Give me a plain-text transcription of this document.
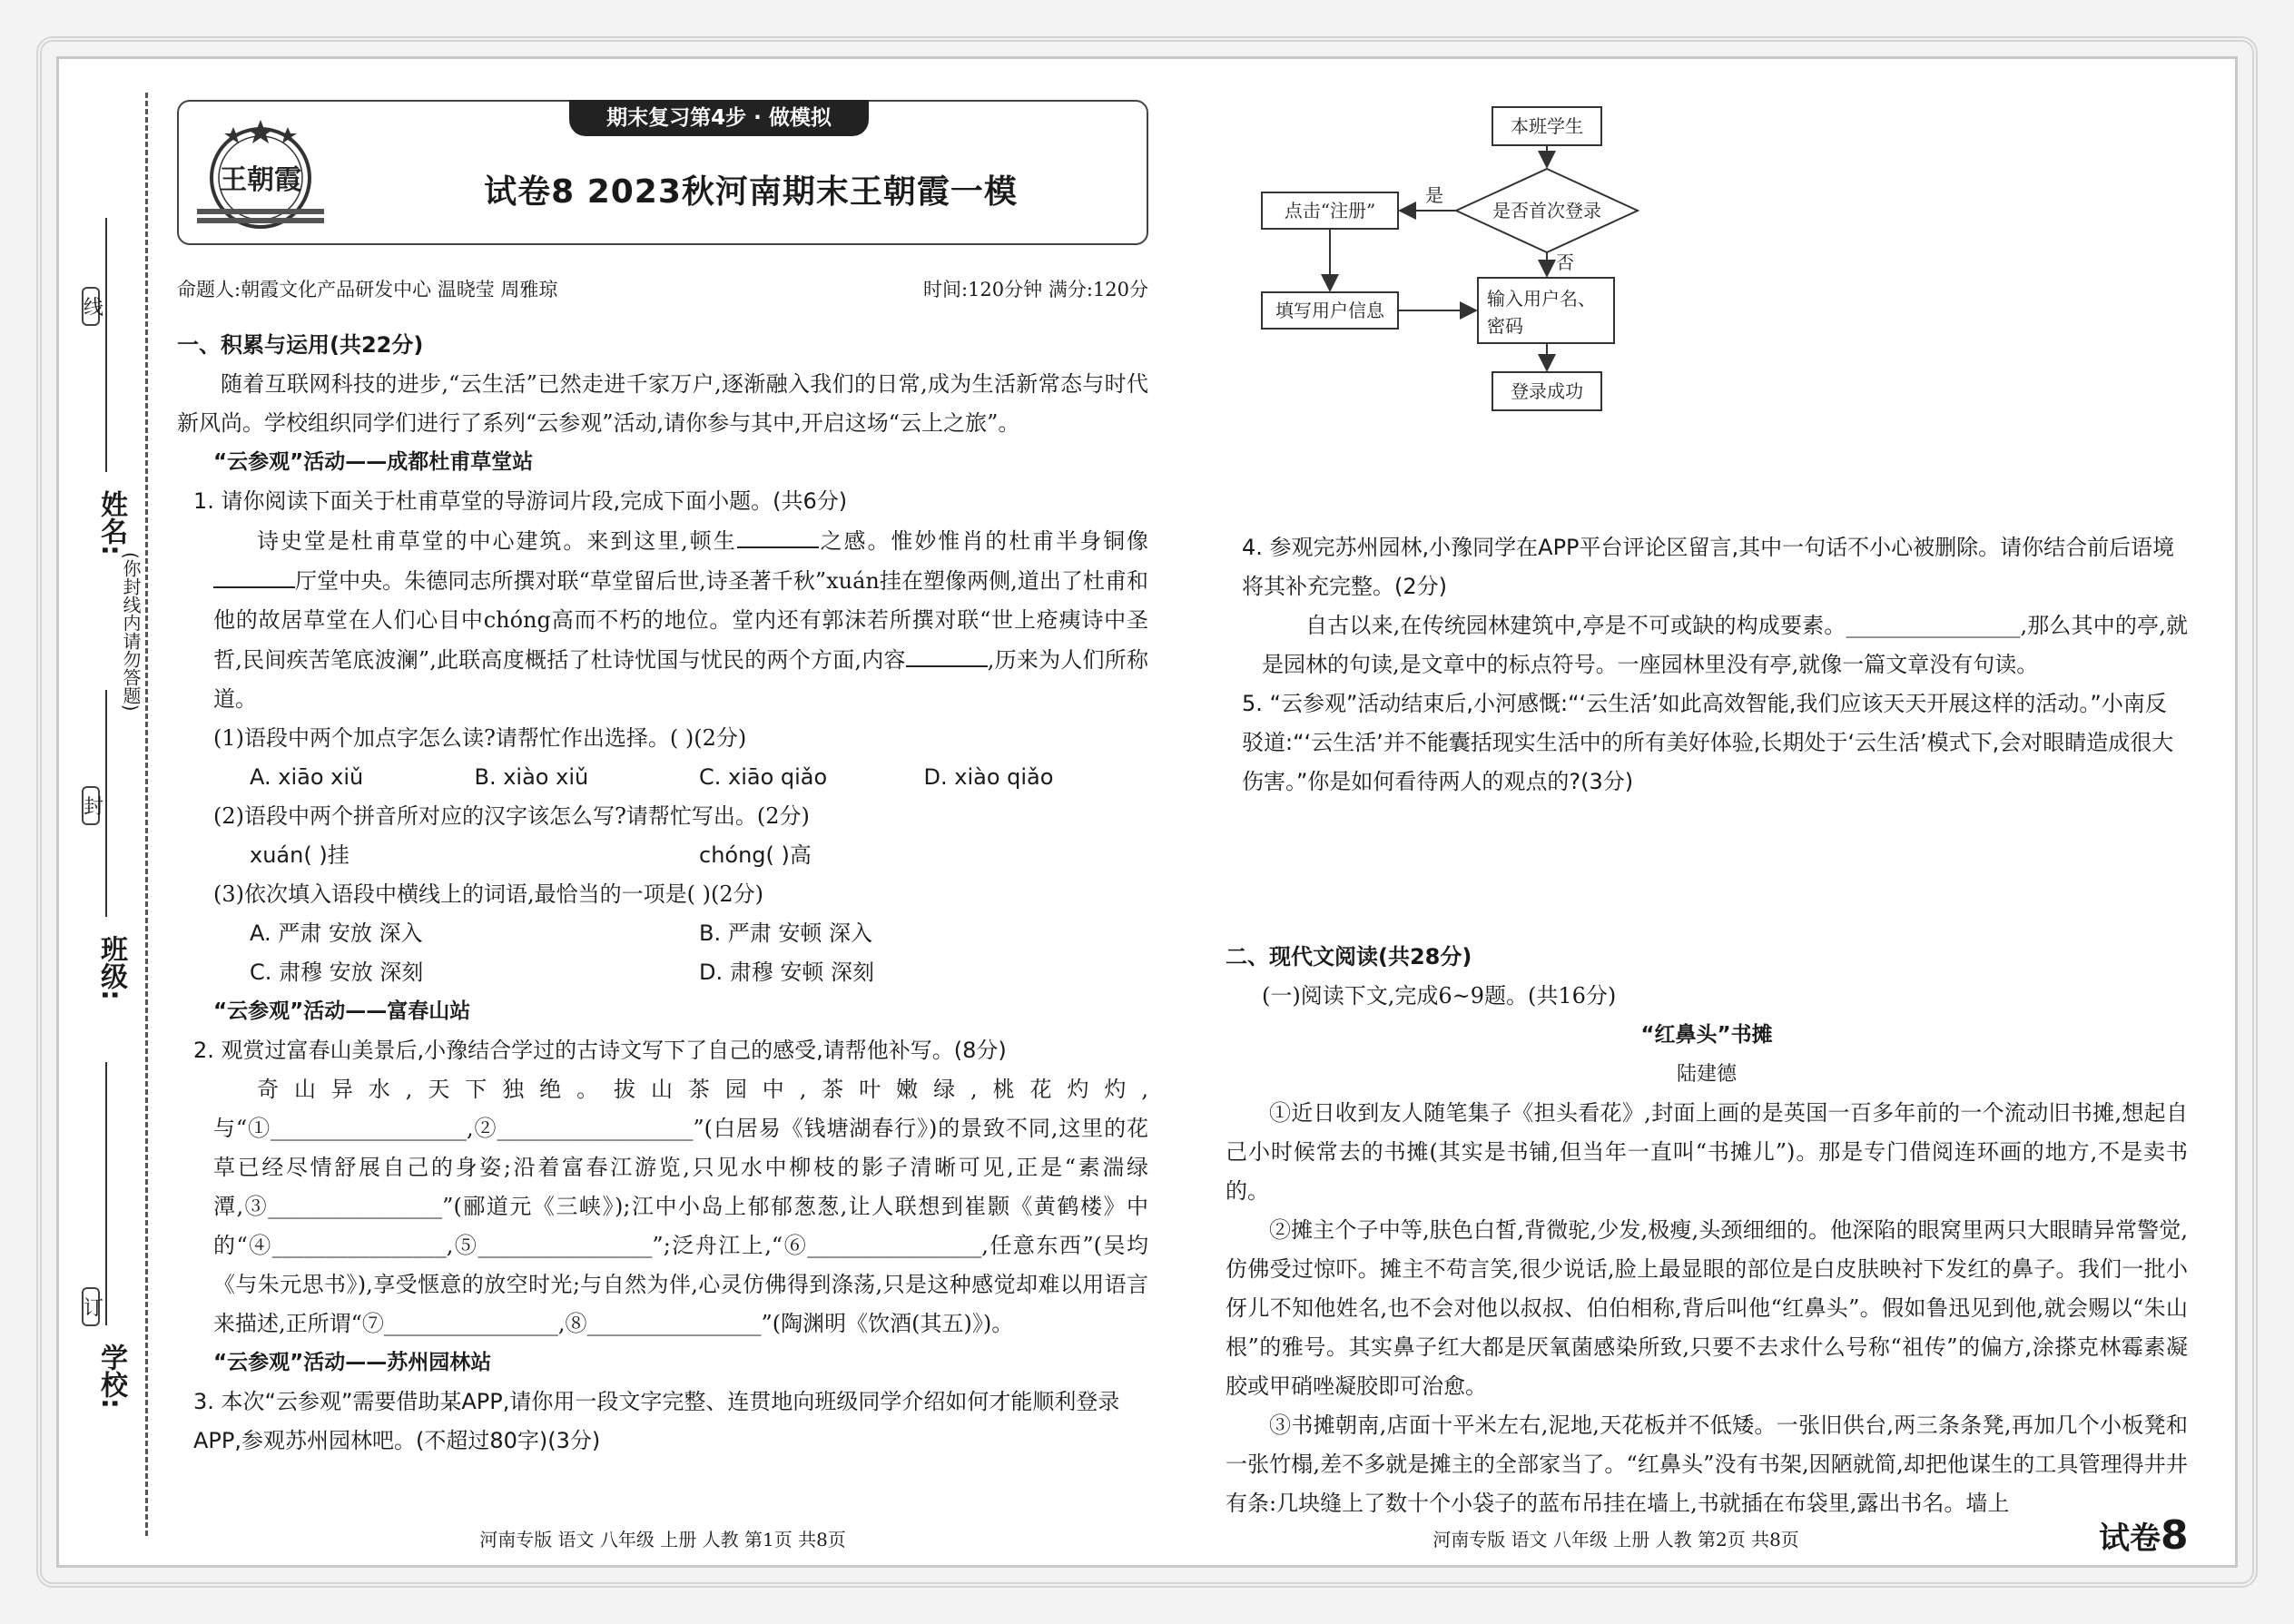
线
(你封线内请勿答题)
封
订
姓名:
班级:
学校:
期末复习第4步 · 做模拟
王朝霞	试卷8 2023秋河南期末王朝霞一模
命题人:朝霞文化产品研发中心 温晓莹 周雅琼	时间:120分钟 满分:120分
一、积累与运用(共22分)
随着互联网科技的进步,“云生活”已然走进千家万户,逐渐融入我们的日常,成为生活新常态与时代新风尚。学校组织同学们进行了系列“云参观”活动,请你参与其中,开启这场“云上之旅”。
“云参观”活动——成都杜甫草堂站
1. 请你阅读下面关于杜甫草堂的导游词片段,完成下面小题。(共6分)
诗史堂是杜甫草堂的中心建筑。来到这里,顿生	之感。惟妙惟肖的杜甫半身铜像厅堂中央。朱德同志所撰对联“草堂留后世,诗圣著千秋”xuán挂在塑像两侧,道出了杜甫和他的故居草堂在人们心目中chóng高而不朽的地位。堂内还有郭沫若所撰对联“世上疮痍诗中圣哲,民间疾苦笔底波澜”,此联高度概括了杜诗忧国与忧民的两个方面,内容	,历来为人们所称道。
(1)语段中两个加点字怎么读?请帮忙作出选择。( )(2分)
A. xiāo xiǔ	B. xiào xiǔ	C. xiāo qiǎo	D. xiào qiǎo
(2)语段中两个拼音所对应的汉字该怎么写?请帮忙写出。(2分)
xuán( )挂	chóng( )高
(3)依次填入语段中横线上的词语,最恰当的一项是( )(2分)
A. 严肃 安放 深入	B. 严肃 安顿 深入
C. 肃穆 安放 深刻	D. 肃穆 安顿 深刻
“云参观”活动——富春山站
2. 观赏过富春山美景后,小豫结合学过的古诗文写下了自己的感受,请帮他补写。(8分)
奇山异水,天下独绝。拔山茶园中,茶叶嫩绿,桃花灼灼,与“①__________________,②__________________”(白居易《钱塘湖春行》)的景致不同,这里的花草已经尽情舒展自己的身姿;沿着富春江游览,只见水中柳枝的影子清晰可见,正是“素湍绿潭,③________________”(郦道元《三峡》);江中小岛上郁郁葱葱,让人联想到崔颢《黄鹤楼》中的“④________________,⑤________________”;泛舟江上,“⑥________________,任意东西”(吴均《与朱元思书》),享受惬意的放空时光;与自然为伴,心灵仿佛得到涤荡,只是这种感觉却难以用语言来描述,正所谓“⑦________________,⑧________________”(陶渊明《饮酒(其五)》)。
“云参观”活动——苏州园林站
3. 本次“云参观”需要借助某APP,请你用一段文字完整、连贯地向班级同学介绍如何才能顺利登录APP,参观苏州园林吧。(不超过80字)(3分)
本班学生
是否首次登录
点击“注册”
填写用户信息
输入用户名、
密码
登录成功
是
否
4. 参观完苏州园林,小豫同学在APP平台评论区留言,其中一句话不小心被删除。请你结合前后语境将其补充完整。(2分)
自古以来,在传统园林建筑中,亭是不可或缺的构成要素。________________,那么其中的亭,就是园林的句读,是文章中的标点符号。一座园林里没有亭,就像一篇文章没有句读。
5. “云参观”活动结束后,小河感慨:“‘云生活’如此高效智能,我们应该天天开展这样的活动。”小南反驳道:“‘云生活’并不能囊括现实生活中的所有美好体验,长期处于‘云生活’模式下,会对眼睛造成很大伤害。”你是如何看待两人的观点的?(3分)
二、现代文阅读(共28分)
(一)阅读下文,完成6~9题。(共16分)
“红鼻头”书摊
陆建德
①近日收到友人随笔集子《担头看花》,封面上画的是英国一百多年前的一个流动旧书摊,想起自己小时候常去的书摊(其实是书铺,但当年一直叫“书摊儿”)。那是专门借阅连环画的地方,不是卖书的。
②摊主个子中等,肤色白皙,背微驼,少发,极瘦,头颈细细的。他深陷的眼窝里两只大眼睛异常警觉,仿佛受过惊吓。摊主不苟言笑,很少说话,脸上最显眼的部位是白皮肤映衬下发红的鼻子。我们一批小伢儿不知他姓名,也不会对他以叔叔、伯伯相称,背后叫他“红鼻头”。假如鲁迅见到他,就会赐以“朱山根”的雅号。其实鼻子红大都是厌氧菌感染所致,只要不去求什么号称“祖传”的偏方,涂搽克林霉素凝胶或甲硝唑凝胶即可治愈。
③书摊朝南,店面十平米左右,泥地,天花板并不低矮。一张旧供台,两三条条凳,再加几个小板凳和一张竹榻,差不多就是摊主的全部家当了。“红鼻头”没有书架,因陋就简,却把他谋生的工具管理得井井有条:几块缝上了数十个小袋子的蓝布吊挂在墙上,书就插在布袋里,露出书名。墙上
河南专版 语文 八年级 上册 人教 第1页 共8页	河南专版 语文 八年级 上册 人教 第2页 共8页	试卷8
